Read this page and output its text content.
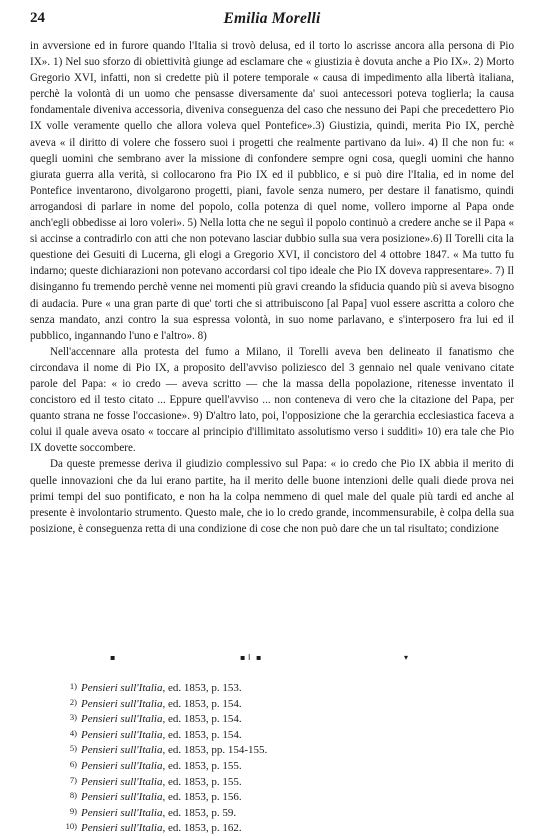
24	Emilia Morelli

in avversione ed in furore quando l'Italia si trovò delusa, ed il torto lo ascrisse ancora alla persona di Pio IX». 1) Nel suo sforzo di obiettività giunge ad esclamare che « giustizia è dovuta anche a Pio IX». 2) Morto Gregorio XVI, infatti, non si credette più il potere temporale « causa di impedimento alla libertà italiana, perchè la volontà di un uomo che pensasse diversamente da' suoi antecessori poteva toglierla; la causa fondamentale diveniva accessoria, diveniva conseguenza del caso che nessuno dei Papi che precedettero Pio IX volle veramente quello che allora voleva quel Pontefice».3) Giustizia, quindi, merita Pio IX, perchè aveva « il diritto di volere che fossero suoi i progetti che realmente partivano da lui». 4) Il che non fu: « quegli uomini che sembrano aver la missione di confondere sempre ogni cosa, quegli uomini che hanno giurata guerra alla verità, si collocarono fra Pio IX ed il pubblico, e si può dire l'Italia, ed in nome del Pontefice inventarono, divolgarono progetti, piani, favole senza numero, per destare il fanatismo, quindi arrogandosi di parlare in nome del popolo, colla potenza di quel nome, vollero imporne al Papa onde anch'egli obbedisse ai loro voleri». 5) Nella lotta che ne seguì il popolo continuò a credere anche se il Papa « si accinse a contradirlo con atti che non potevano lasciar dubbio sulla sua vera posizione».6) Il Torelli cita la questione dei Gesuiti di Lucerna, gli elogi a Gregorio XVI, il concistoro del 4 ottobre 1847. « Ma tutto fu indarno; queste dichiarazioni non potevano accordarsi col tipo ideale che Pio IX doveva rappresentare». 7) Il disinganno fu tremendo perchè venne nei momenti più gravi creando la sfiducia quando più si aveva bisogno di audacia. Pure « una gran parte di que' torti che si attribuiscono [al Papa] vuol essere ascritta a coloro che senza mandato, anzi contro la sua espressa volontà, in suo nome parlavano, e s'interposero fra lui ed il pubblico, ingannando l'uno e l'altro». 8)

Nell'accennare alla protesta del fumo a Milano, il Torelli aveva ben delineato il fanatismo che circondava il nome di Pio IX, a proposito dell'avviso poliziesco del 3 gennaio nel quale venivano citate parole del Papa: « io credo — aveva scritto — che la massa della popolazione, ritenesse inventato il concistoro ed il testo citato ... Eppure quell'avviso ... non conteneva di vero che la citazione del Papa, per quanto strana ne fosse l'occasione». 9) D'altro lato, poi, l'opposizione che la gerarchia ecclesiastica faceva a colui il quale aveva osato « toccare al principio d'illimitato assolutismo verso i sudditi» 10) era tale che Pio IX dovette soccombere.

Da queste premesse deriva il giudizio complessivo sul Papa: « io credo che Pio IX abbia il merito di quelle innovazioni che da lui erano partite, ha il merito delle buone intenzioni delle quali diede prova nei primi tempi del suo pontificato, e non ha la colpa nemmeno di quel male del quale più tardi ed anche al presente è involontario strumento. Questo male, che io lo credo grande, incommensurabile, è colpa della sua posizione, è conseguenza retta di una condizione di cose che non può dare che un tal risultato; condizione

▪	▪ I ▪	▾
1) Pensieri sull'Italia, ed. 1853, p. 153.
2) Pensieri sull'Italia, ed. 1853, p. 154.
3) Pensieri sull'Italia, ed. 1853, p. 154.
4) Pensieri sull'Italia, ed. 1853, p. 154.
5) Pensieri sull'Italia, ed. 1853, pp. 154-155.
6) Pensieri sull'Italia, ed. 1853, p. 155.
7) Pensieri sull'Italia, ed. 1853, p. 155.
8) Pensieri sull'Italia, ed. 1853, p. 156.
9) Pensieri sull'Italia, ed. 1853, p. 59.
10) Pensieri sull'Italia, ed. 1853, p. 162.
